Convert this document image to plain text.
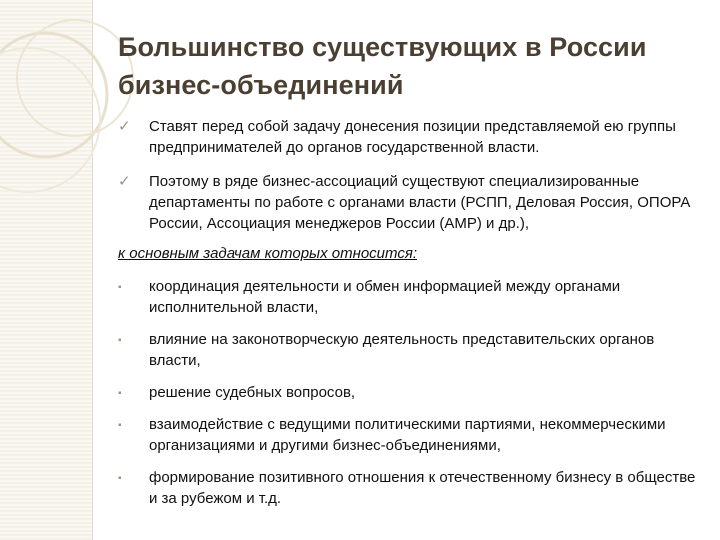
Большинство существующих в России
бизнес-объединений
✓	Ставят перед собой задачу донесения позиции представляемой ею группы предпринимателей до органов государственной власти.
✓	Поэтому в ряде бизнес-ассоциаций существуют специализированные департаменты по работе с органами власти (РСПП, Деловая Россия, ОПОРА России, Ассоциация менеджеров России (АМР) и др.),
к основным задачам которых относится:
▪	координация деятельности и обмен информацией между органами исполнительной власти,
▪	влияние на законотворческую деятельность представительских органов власти,
▪	решение судебных вопросов,
▪	взаимодействие с ведущими политическими партиями, некоммерческими организациями и другими бизнес-объединениями,
▪	формирование позитивного отношения к отечественному бизнесу в обществе и за рубежом и т.д.
